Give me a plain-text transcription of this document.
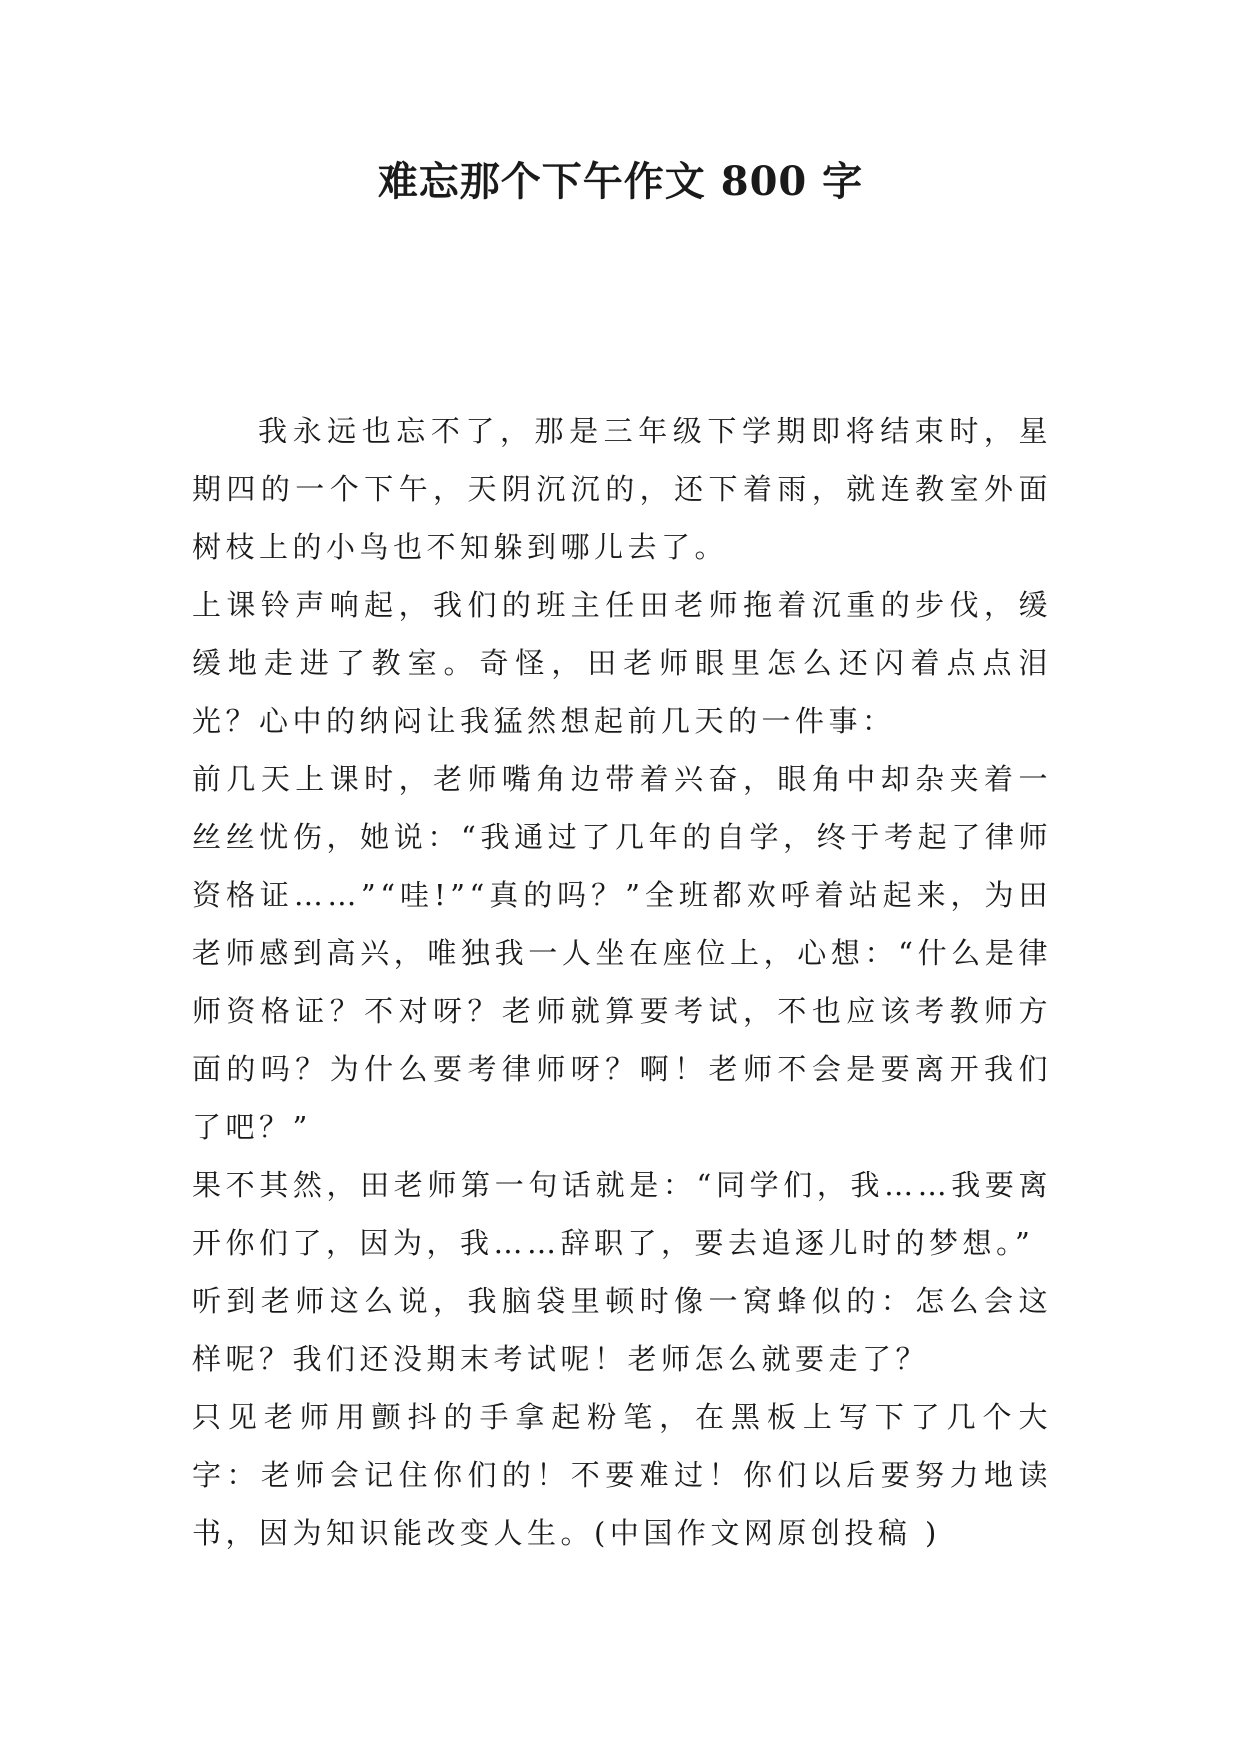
难忘那个下午作文 800 字

我永远也忘不了，那是三年级下学期即将结束时，星期四的一个下午，天阴沉沉的，还下着雨，就连教室外面树枝上的小鸟也不知躲到哪儿去了。

上课铃声响起，我们的班主任田老师拖着沉重的步伐，缓缓地走进了教室。奇怪，田老师眼里怎么还闪着点点泪光？心中的纳闷让我猛然想起前几天的一件事：

前几天上课时，老师嘴角边带着兴奋，眼角中却杂夹着一丝丝忧伤，她说：“我通过了几年的自学，终于考起了律师资格证……”“哇!”“真的吗？”全班都欢呼着站起来，为田老师感到高兴，唯独我一人坐在座位上，心想：“什么是律师资格证？不对呀？老师就算要考试，不也应该考教师方面的吗？为什么要考律师呀？啊！老师不会是要离开我们了吧？”

果不其然，田老师第一句话就是：“同学们，我……我要离开你们了，因为，我……辞职了，要去追逐儿时的梦想。”

听到老师这么说，我脑袋里顿时像一窝蜂似的：怎么会这样呢？我们还没期末考试呢！老师怎么就要走了？

只见老师用颤抖的手拿起粉笔，在黑板上写下了几个大字：老师会记住你们的！不要难过！你们以后要努力地读书，因为知识能改变人生。(中国作文网原创投稿 )
